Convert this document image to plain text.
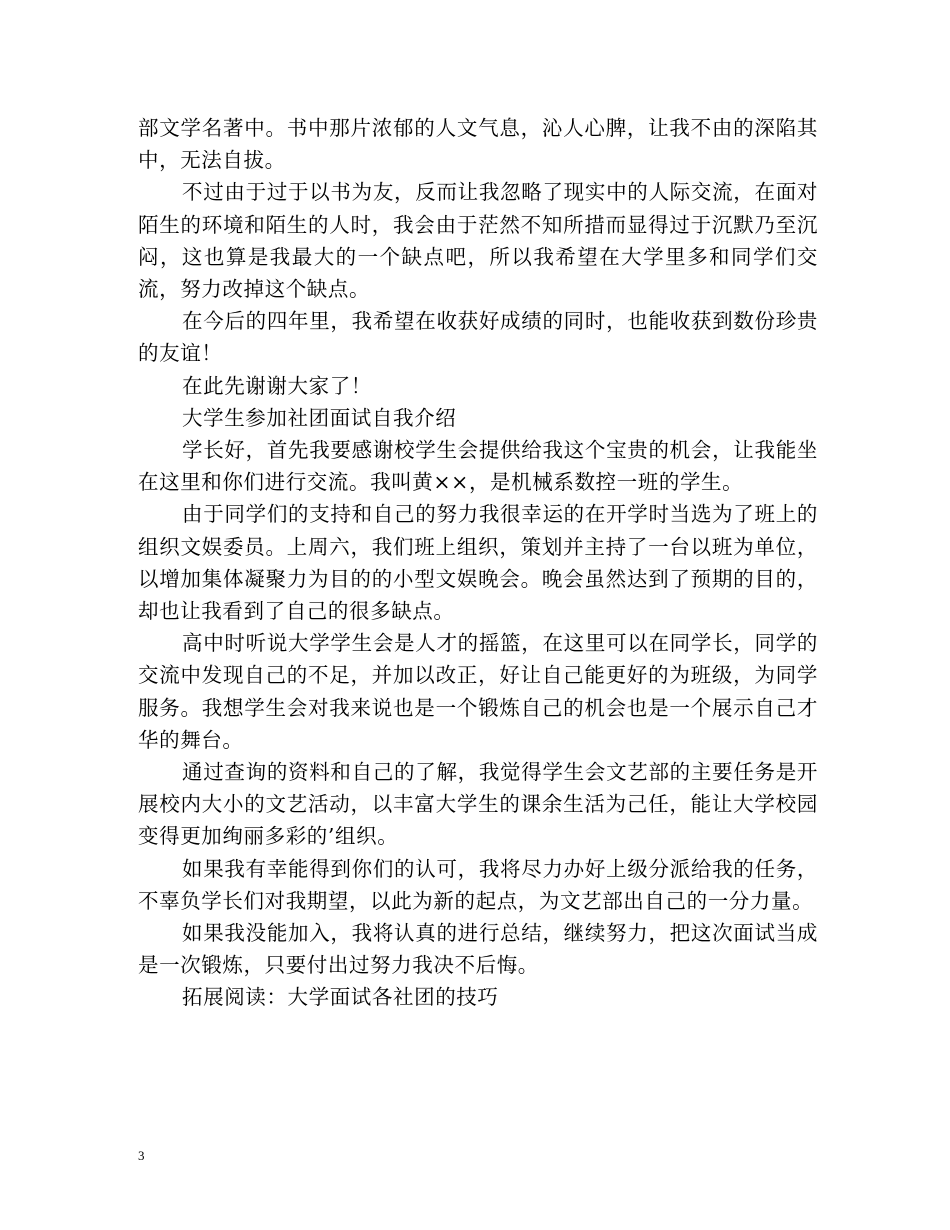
部文学名著中。书中那片浓郁的人文气息，沁人心脾，让我不由的深陷其中，无法自拔。

不过由于过于以书为友，反而让我忽略了现实中的人际交流，在面对陌生的环境和陌生的人时，我会由于茫然不知所措而显得过于沉默乃至沉闷，这也算是我最大的一个缺点吧，所以我希望在大学里多和同学们交流，努力改掉这个缺点。

在今后的四年里，我希望在收获好成绩的同时，也能收获到数份珍贵的友谊！

在此先谢谢大家了！

大学生参加社团面试自我介绍

学长好，首先我要感谢校学生会提供给我这个宝贵的机会，让我能坐在这里和你们进行交流。我叫黄××，是机械系数控一班的学生。

由于同学们的支持和自己的努力我很幸运的在开学时当选为了班上的组织文娱委员。上周六，我们班上组织，策划并主持了一台以班为单位，以增加集体凝聚力为目的的小型文娱晚会。晚会虽然达到了预期的目的，却也让我看到了自己的很多缺点。

高中时听说大学学生会是人才的摇篮，在这里可以在同学长，同学的交流中发现自己的不足，并加以改正，好让自己能更好的为班级，为同学服务。我想学生会对我来说也是一个锻炼自己的机会也是一个展示自己才华的舞台。

通过查询的资料和自己的了解，我觉得学生会文艺部的主要任务是开展校内大小的文艺活动，以丰富大学生的课余生活为己任，能让大学校园变得更加绚丽多彩的’组织。

如果我有幸能得到你们的认可，我将尽力办好上级分派给我的任务，不辜负学长们对我期望，以此为新的起点，为文艺部出自己的一分力量。

如果我没能加入，我将认真的进行总结，继续努力，把这次面试当成是一次锻炼，只要付出过努力我决不后悔。

拓展阅读：大学面试各社团的技巧

3
